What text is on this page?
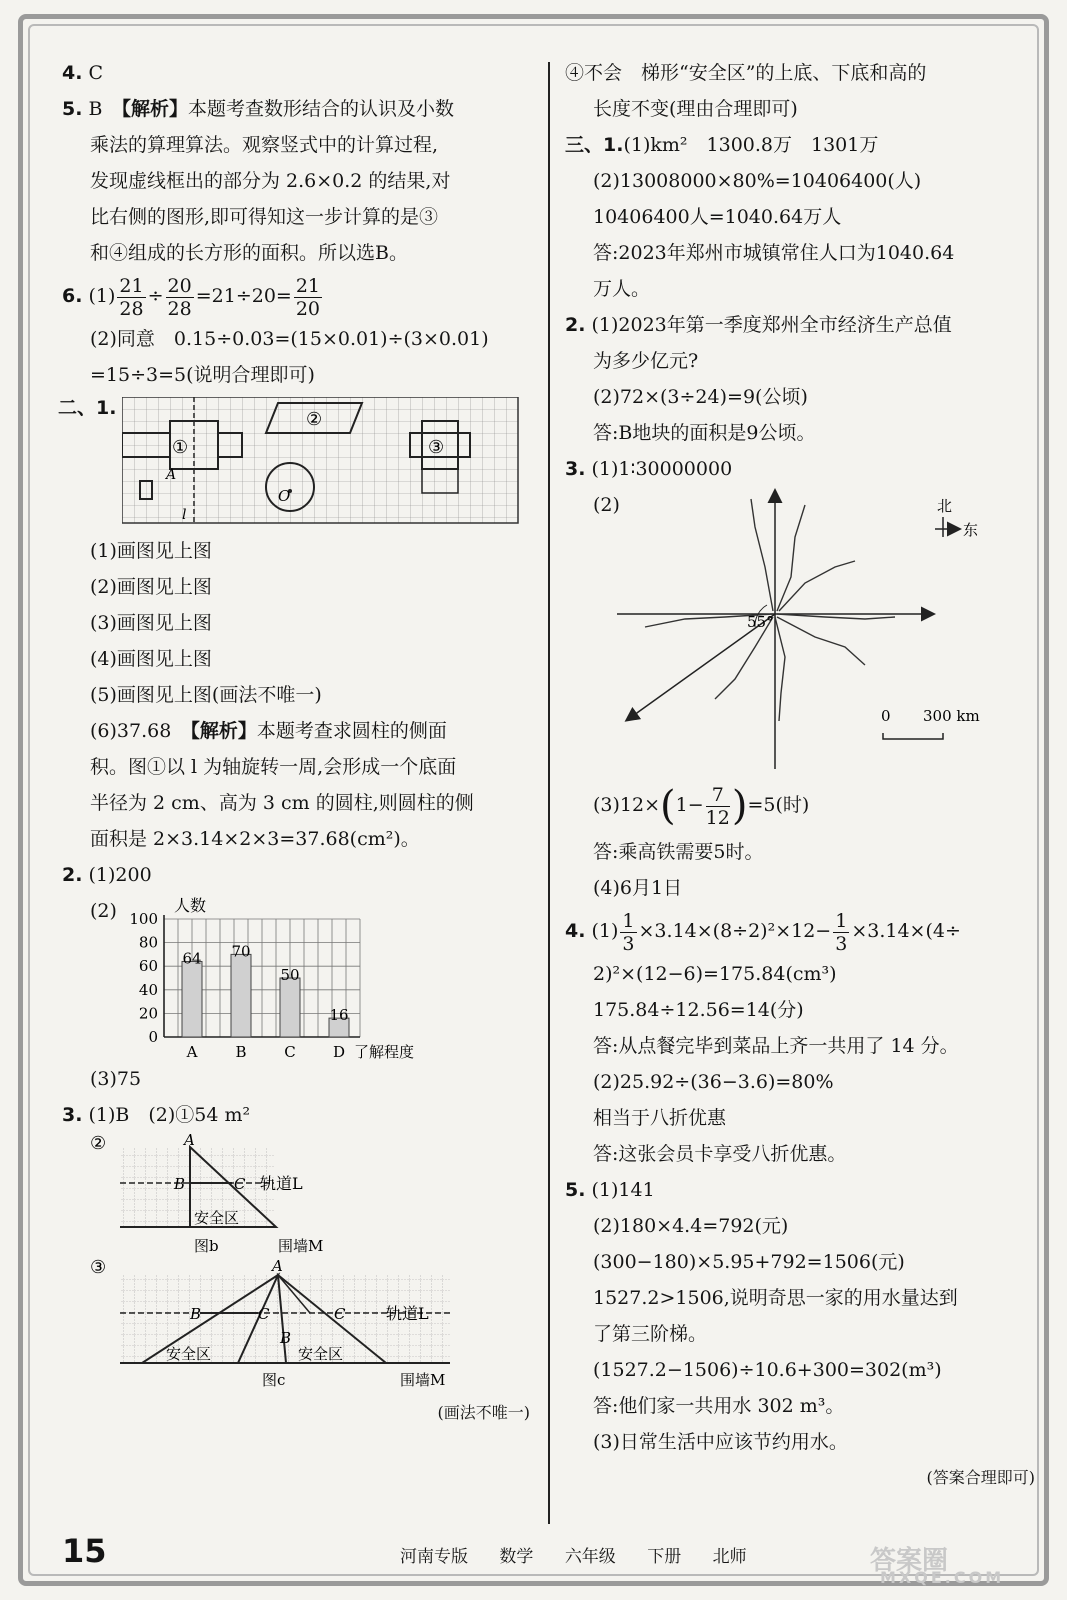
4. C
5. B　 【解析】本题考查数形结合的认识及小数
乘法的算理算法。观察竖式中的计算过程,
发现虚线框出的部分为 2.6×0.2 的结果,对
比右侧的图形,即可得知这一步计算的是③
和④组成的长方形的面积。所以选B。
6. $(1) \frac{21}{28} \div \frac{20}{28} =21\div 20= \frac{21}{20}$
(2)同意　0.15÷0.03=(15×0.01)÷(3×0.01)
=15÷3=5(说明合理即可)
二、1.
①
A
l
②
O
③
(1)画图见上图
(2)画图见上图
(3)画图见上图
(4)画图见上图
(5)画图见上图(画法不唯一)
(6)37.68　 【解析】本题考查求圆柱的侧面
积。图①以 l 为轴旋转一周,会形成一个底面
半径为 2 cm、高为 3 cm 的圆柱,则圆柱的侧
面积是 2×3.14×2×3=37.68(cm²)。
2. (1)200
(2)
0
20
40
60
80
100
人数
64
A
70
B
50
C
16
D 了解程度
(3)75
3. (1)B　(2)①54 m²
②	A
B	C 轨道L
安全区
图b	围墙M
③	A
B	C
B
C	轨道L
安全区	安全区
图c	围墙M
(画法不唯一)
④不会　梯形“安全区”的上底、下底和高的
长度不变(理由合理即可)
三、1.(1)km²　1300.8万　1301万
(2)13008000×80%=10406400(人)
10406400人=1040.64万人
答:2023年郑州市城镇常住人口为1040.64
万人。
2. (1)2023年第一季度郑州全市经济生产总值
为多少亿元?
(2)72×(3÷24)=9(公顷)
答:B地块的面积是9公顷。
3. (1)1∶30000000
(2)
55°
北
东
0 300 km
$(3)12\times(1- \frac{7}{12} )=5$(时)
答:乘高铁需要5时。
(4)6月1日
4. $(1) \frac{1}{3} \times 3.14\times(8\div 2)^2\times 12- \frac{1}{3} \times 3.14\times(4\div$
2)²×(12−6)=175.84(cm³)
175.84÷12.56=14(分)
答:从点餐完毕到菜品上齐一共用了 14 分。
(2)25.92÷(36−3.6)=80%
相当于八折优惠
答:这张会员卡享受八折优惠。
5. (1)141
(2)180×4.4=792(元)
(300−180)×5.95+792=1506(元)
1527.2>1506,说明奇思一家的用水量达到
了第三阶梯。
(1527.2−1506)÷10.6+300=302(m³)
答:他们家一共用水 302 m³。
(3)日常生活中应该节约用水。
(答案合理即可)
15	河南专版 数学 六年级 下册 北师	答案圈
MXQE.COM
